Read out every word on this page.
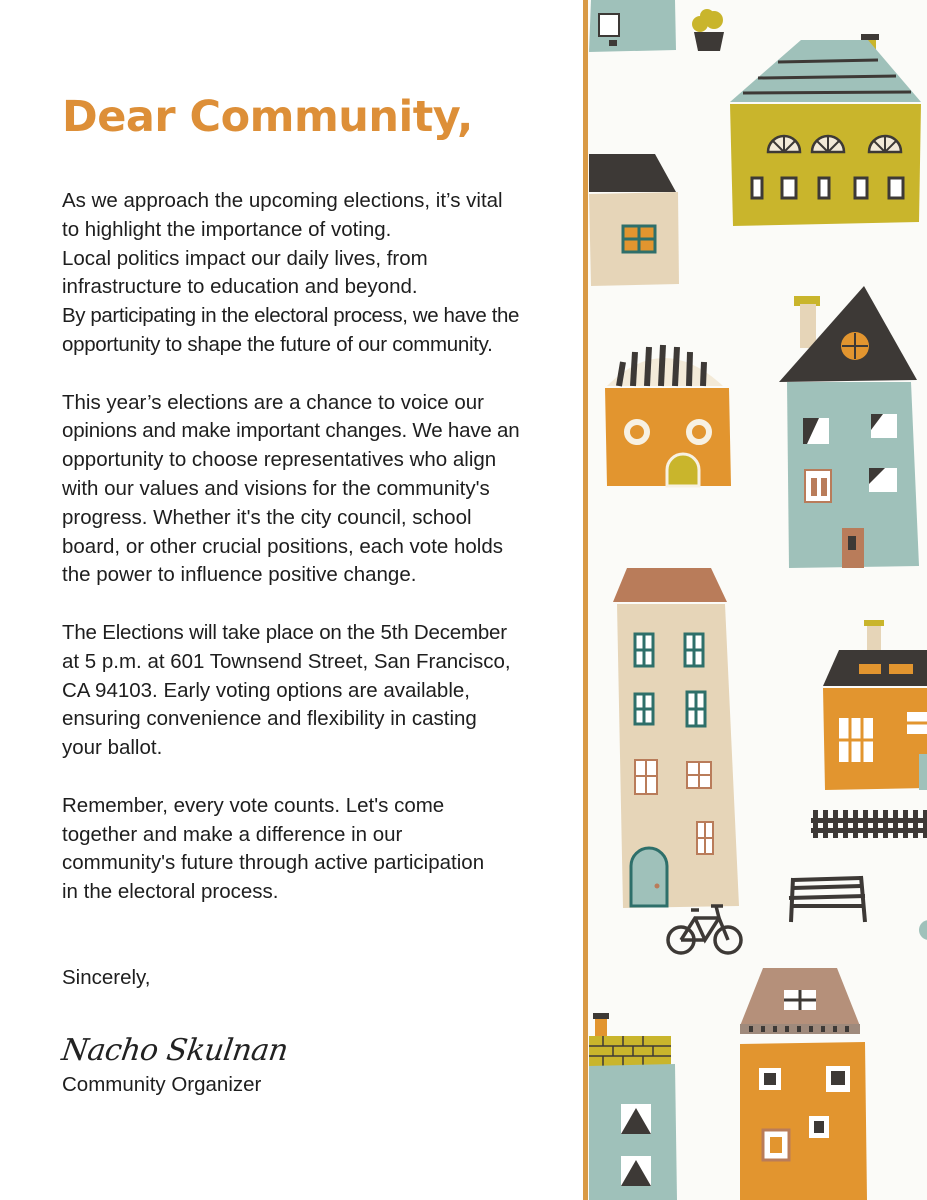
Dear Community,

As we approach the upcoming elections, it’s vital
to highlight the importance of voting.
Local politics impact our daily lives, from
infrastructure to education and beyond.
By participating in the electoral process, we have the
opportunity to shape the future of our community.

This year’s elections are a chance to voice our
opinions and make important changes. We have an
opportunity to choose representatives who align
with our values and visions for the community's
progress. Whether it's the city council, school
board, or other crucial positions, each vote holds
the power to influence positive change.

The Elections will take place on the 5th December
at 5 p.m. at 601 Townsend Street, San Francisco,
CA 94103. Early voting options are available,
ensuring convenience and flexibility in casting
your ballot.

Remember, every vote counts. Let's come
together and make a difference in our
community's future through active participation
in the electoral process.

Sincerely,
Nacho Skulnan
Community Organizer
